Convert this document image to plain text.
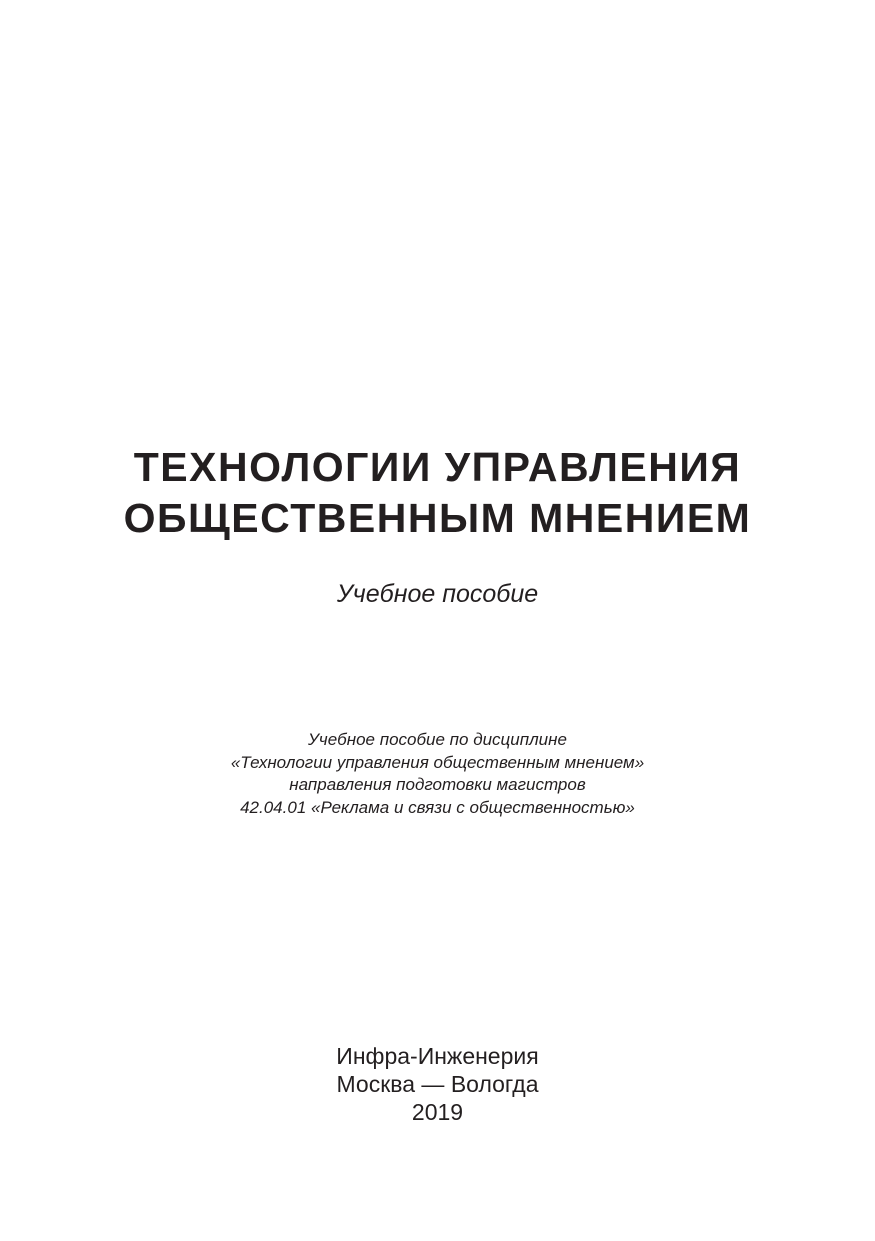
ТЕХНОЛОГИИ УПРАВЛЕНИЯ
ОБЩЕСТВЕННЫМ МНЕНИЕМ
Учебное пособие
Учебное пособие по дисциплине
«Технологии управления общественным мнением»
направления подготовки магистров
42.04.01 «Реклама и связи с общественностью»
Инфра-Инженерия
Москва — Вологда
2019
